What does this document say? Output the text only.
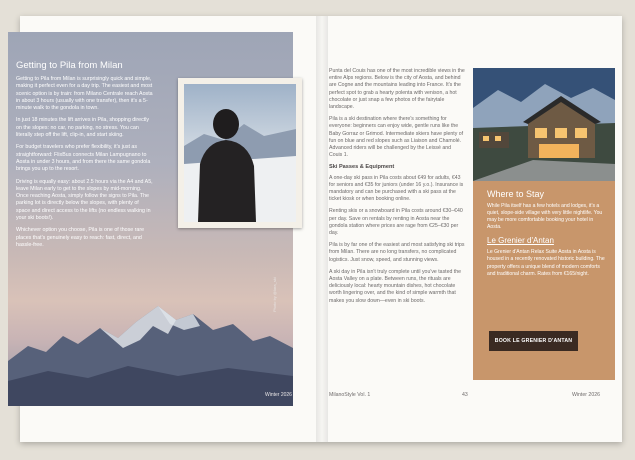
Getting to Pila from Milan

Getting to Pila from Milan is surprisingly quick and simple, making it perfect even for a day trip. The easiest and most scenic option is by train: from Milano Centrale reach Aosta in about 3 hours (usually with one transfer), then it's a 5-minute walk to the gondola in town.

In just 18 minutes the lift arrives in Pila, shopping directly on the slopes: no car, no parking, no stress. You can literally step off the lift, clip-in, and start skiing.

For budget travelers who prefer flexibility, it's just as straightforward: FlixBus connects Milan Lampugnano to Aosta in under 3 hours, and from there the same gondola brings you up to the resort.

Driving is equally easy: about 2.5 hours via the A4 and A5, leave Milan early to get to the slopes by mid-morning. Once reaching Aosta, simply follow the signs to Pila. The parking lot is directly below the slopes, with plenty of space and direct access to the lifts (no endless walking in your ski boots!).

Whichever option you choose, Pila is one of those rare places that's genuinely easy to reach: fast, direct, and hassle-free.

Photo by @lara_ski
Winter 2026

Punta del Couis has one of the most incredible views in the entire Alps regions. Below is the city of Aosta, and behind are Cogne and the mountains leading into France. It's the perfect spot to grab a hearty polenta with venison, a hot chocolate or just snap a few photos of the fairytale landscape.

Pila is a ski destination where there's something for everyone: beginners can enjoy wide, gentle runs like the Baby Gorraz or Grimod. Intermediate skiers have plenty of fun on blue and red slopes such as Liaison and Chamolé. Advanced riders will be challenged by the Leissé and Couis 1.

Ski Passes & Equipment

A one-day ski pass in Pila costs about €49 for adults, €43 for seniors and €35 for juniors (under 16 y.o.). Insurance is mandatory and can be purchased with a ski pass at the ticket kiosk or when booking online.

Renting skis or a snowboard in Pila costs around €30–€40 per day. Save on rentals by renting in Aosta near the gondola station where prices are rage from €25–€30 per day.

Pila is by far one of the easiest and most satisfying ski trips from Milan. There are no long transfers, no complicated logistics. Just snow, speed, and stunning views.

A ski day in Pila isn't truly complete until you've tasted the Aosta Valley on a plate. Between runs, the rituals are deliciously local: hearty mountain dishes, hot chocolate worth lingering over, and the kind of simple warmth that makes you slow down—even in ski boots.

Where to Stay

While Pila itself has a few hotels and lodges, it's a quiet, slope-side village with very little nightlife. You may be more comfortable booking your hotel in Aosta.

Le Grenier d'Antan

Le Grenier d'Antan Relax Suite Aosta in Aosta is housed in a recently renovated historic building. The property offers a unique blend of modern comforts and traditional charm. Rates from €165/night.

BOOK LE GRENIER D'ANTAN
MilanoStyle Vol. 1	43	Winter 2026
